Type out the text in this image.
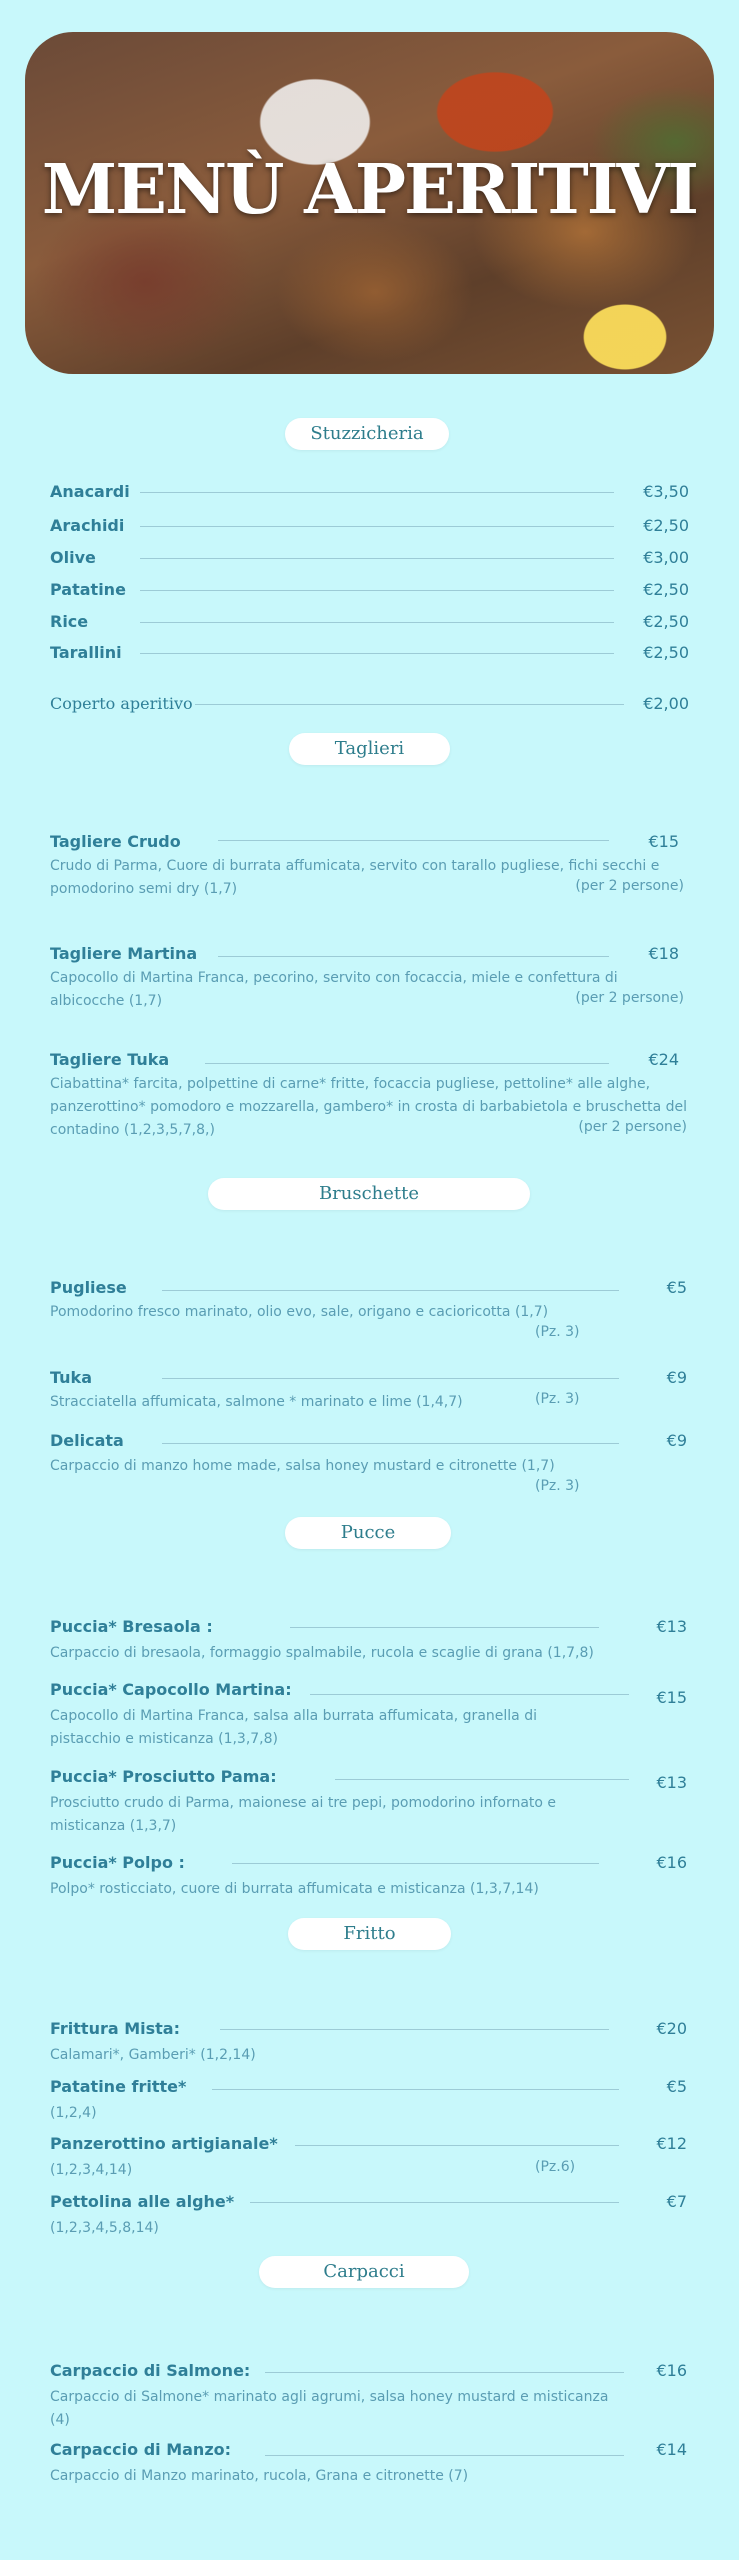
MENÙ APERITIVI
Stuzzicheria
Anacardi	€3,50
Arachidi	€2,50
Olive	€3,00
Patatine	€2,50
Rice	€2,50
Tarallini	€2,50
Coperto aperitivo	€2,00
Taglieri
Tagliere Crudo	€15
Crudo di Parma, Cuore di burrata affumicata, servito con tarallo pugliese, fichi secchi e pomodorino semi dry (1,7)	(per 2 persone)
Tagliere Martina	€18
Capocollo di Martina Franca, pecorino, servito con focaccia, miele e confettura di albicocche (1,7)	(per 2 persone)
Tagliere Tuka	€24
Ciabattina* farcita, polpettine di carne* fritte, focaccia pugliese, pettoline* alle alghe, panzerottino* pomodoro e mozzarella, gambero* in crosta di barbabietola e bruschetta del contadino (1,2,3,5,7,8,)	(per 2 persone)
Bruschette
Pugliese	€5
Pomodorino fresco marinato, olio evo, sale, origano e cacioricotta (1,7)
(Pz. 3)
Tuka	€9
Stracciatella affumicata, salmone * marinato e lime (1,4,7)	(Pz. 3)
Delicata	€9
Carpaccio di manzo home made, salsa honey mustard e citronette (1,7)
(Pz. 3)
Pucce
Puccia* Bresaola :	€13
Carpaccio di bresaola, formaggio spalmabile, rucola e scaglie di grana (1,7,8)
Puccia* Capocollo Martina:	€15
Capocollo di Martina Franca, salsa alla burrata affumicata, granella di pistacchio e misticanza (1,3,7,8)
Puccia* Prosciutto Pama:	€13
Prosciutto crudo di Parma, maionese ai tre pepi, pomodorino infornato e misticanza (1,3,7)
Puccia* Polpo :	€16
Polpo* rosticciato, cuore di burrata affumicata e misticanza (1,3,7,14)
Fritto
Frittura Mista:	€20
Calamari*, Gamberi* (1,2,14)
Patatine fritte*	€5
(1,2,4)
Panzerottino artigianale*	€12
(1,2,3,4,14)	(Pz.6)
Pettolina alle alghe*	€7
(1,2,3,4,5,8,14)
Carpacci
Carpaccio di Salmone:	€16
Carpaccio di Salmone* marinato agli agrumi, salsa honey mustard e misticanza (4)
Carpaccio di Manzo:	€14
Carpaccio di Manzo marinato, rucola, Grana e citronette (7)
